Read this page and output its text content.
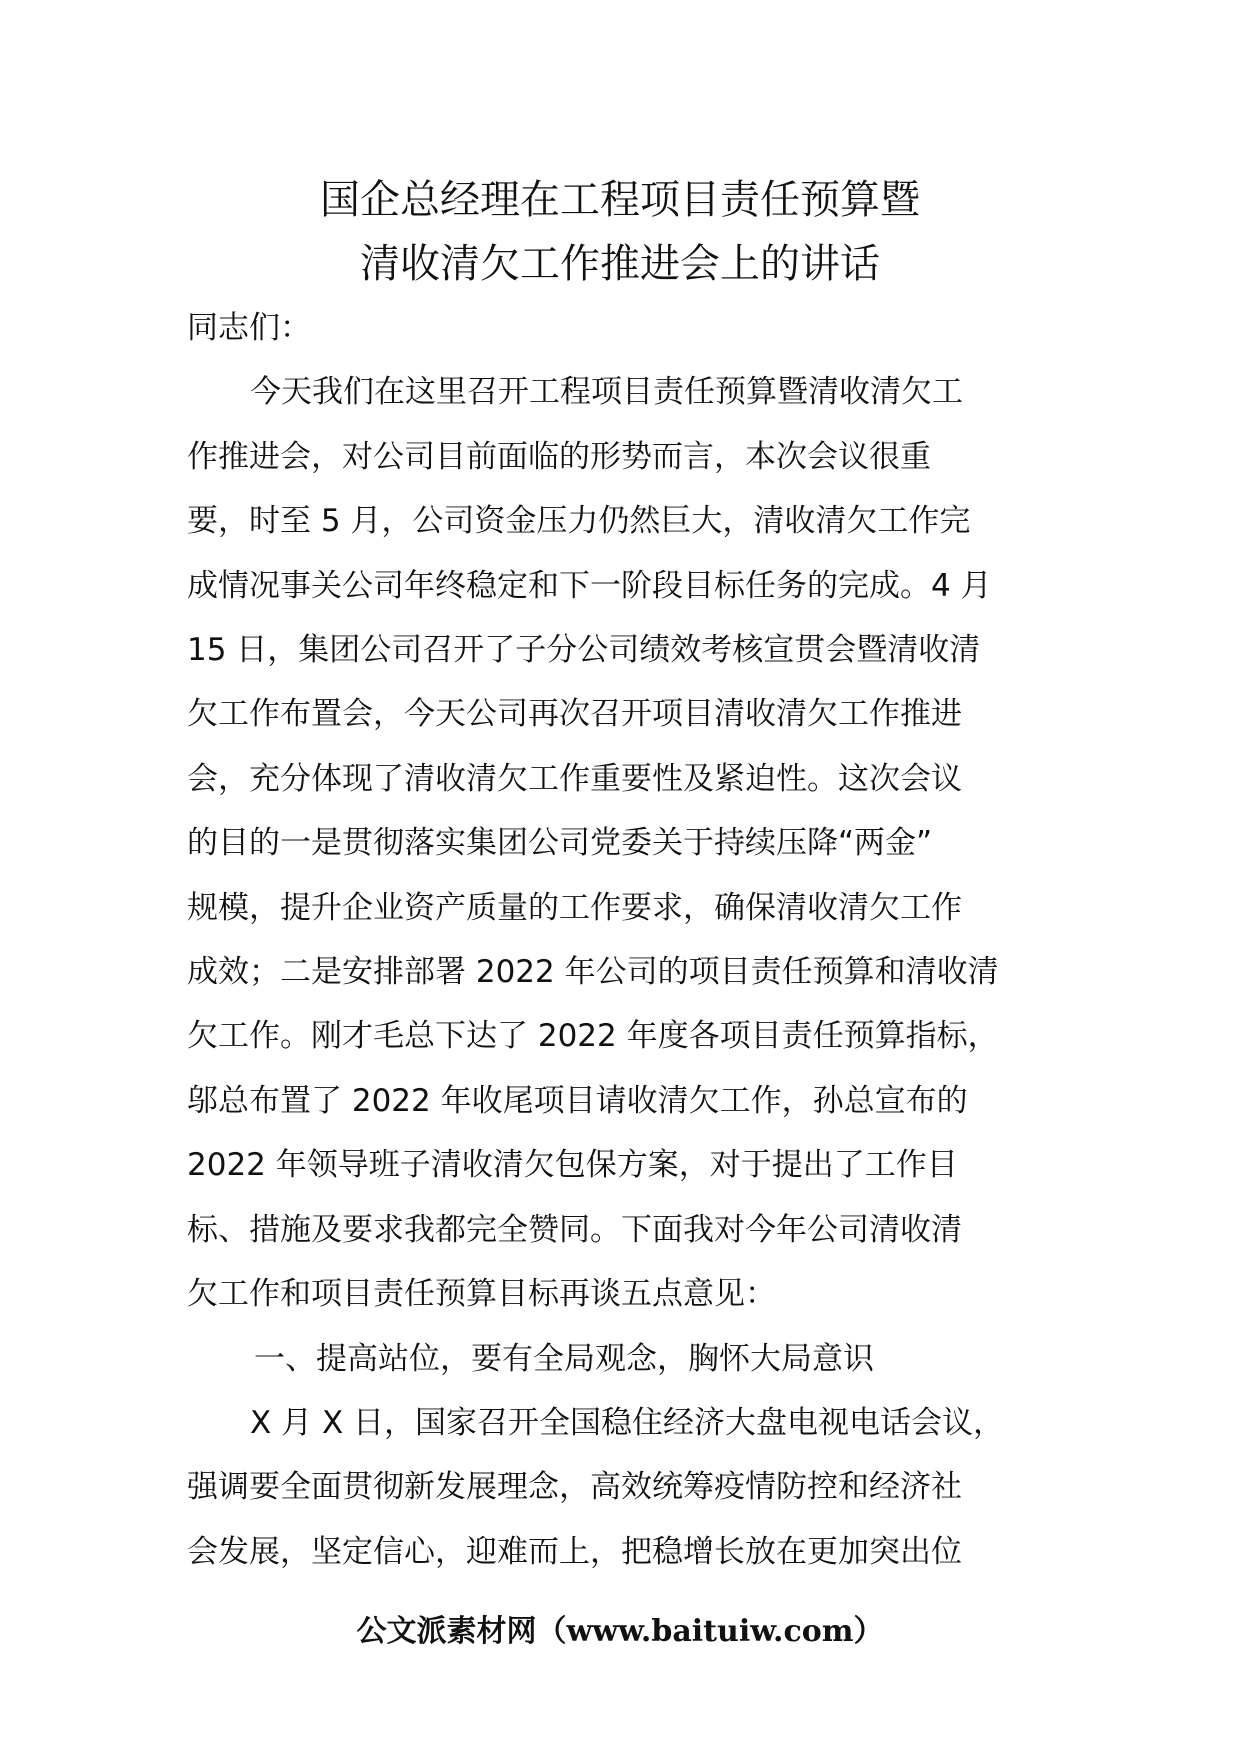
国企总经理在工程项目责任预算暨
清收清欠工作推进会上的讲话
同志们：
今天我们在这里召开工程项目责任预算暨清收清欠工
作推进会，对公司目前面临的形势而言，本次会议很重
要，时至 5 月，公司资金压力仍然巨大，清收清欠工作完
成情况事关公司年终稳定和下一阶段目标任务的完成。4 月
15 日，集团公司召开了子分公司绩效考核宣贯会暨清收清
欠工作布置会，今天公司再次召开项目清收清欠工作推进
会，充分体现了清收清欠工作重要性及紧迫性。这次会议
的目的一是贯彻落实集团公司党委关于持续压降“两金”
规模，提升企业资产质量的工作要求，确保清收清欠工作
成效；二是安排部署 2022 年公司的项目责任预算和清收清
欠工作。刚才毛总下达了 2022 年度各项目责任预算指标，
邬总布置了 2022 年收尾项目请收清欠工作，孙总宣布的
2022 年领导班子清收清欠包保方案，对于提出了工作目
标、措施及要求我都完全赞同。下面我对今年公司清收清
欠工作和项目责任预算目标再谈五点意见：
一、提高站位，要有全局观念，胸怀大局意识
X 月 X 日，国家召开全国稳住经济大盘电视电话会议，
强调要全面贯彻新发展理念，高效统筹疫情防控和经济社
会发展，坚定信心，迎难而上，把稳增长放在更加突出位
公文派素材网（www.baituiw.com）
